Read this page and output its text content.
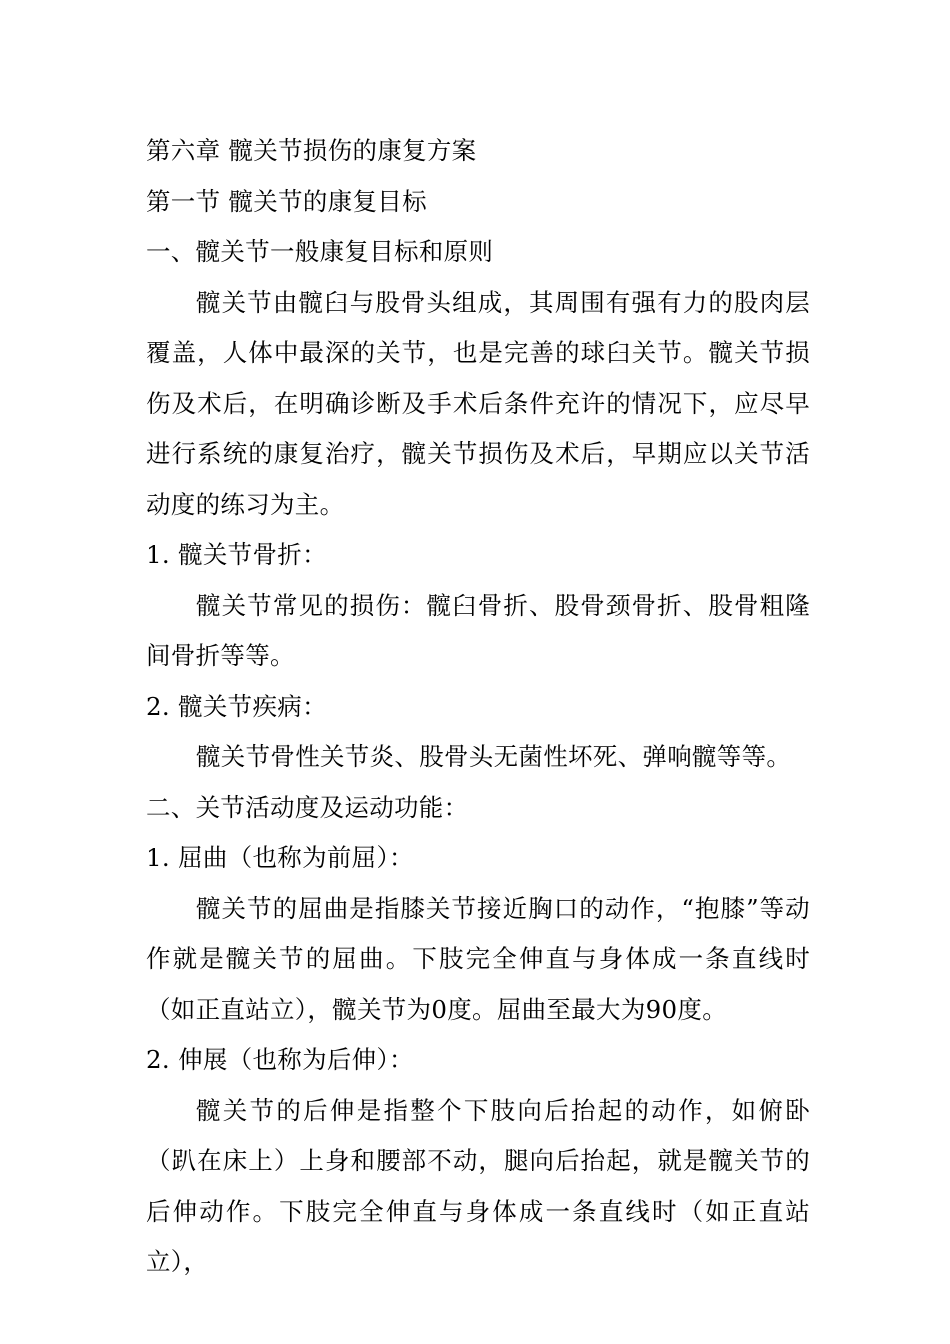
第六章 髋关节损伤的康复方案
第一节 髋关节的康复目标
一、髋关节一般康复目标和原则
髋关节由髋臼与股骨头组成，其周围有强有力的股肉层覆盖，人体中最深的关节，也是完善的球臼关节。髋关节损伤及术后，在明确诊断及手术后条件充许的情况下，应尽早进行系统的康复治疗，髋关节损伤及术后，早期应以关节活动度的练习为主。
1. 髋关节骨折：
髋关节常见的损伤：髋臼骨折、股骨颈骨折、股骨粗隆间骨折等等。
2. 髋关节疾病：
髋关节骨性关节炎、股骨头无菌性坏死、弹响髋等等。
二、关节活动度及运动功能：
1. 屈曲（也称为前屈）：
髋关节的屈曲是指膝关节接近胸口的动作，“抱膝”等动作就是髋关节的屈曲。下肢完全伸直与身体成一条直线时（如正直站立），髋关节为0度。屈曲至最大为90度。
2. 伸展（也称为后伸）：
髋关节的后伸是指整个下肢向后抬起的动作，如俯卧（趴在床上）上身和腰部不动，腿向后抬起，就是髋关节的后伸动作。下肢完全伸直与身体成一条直线时（如正直站立），
